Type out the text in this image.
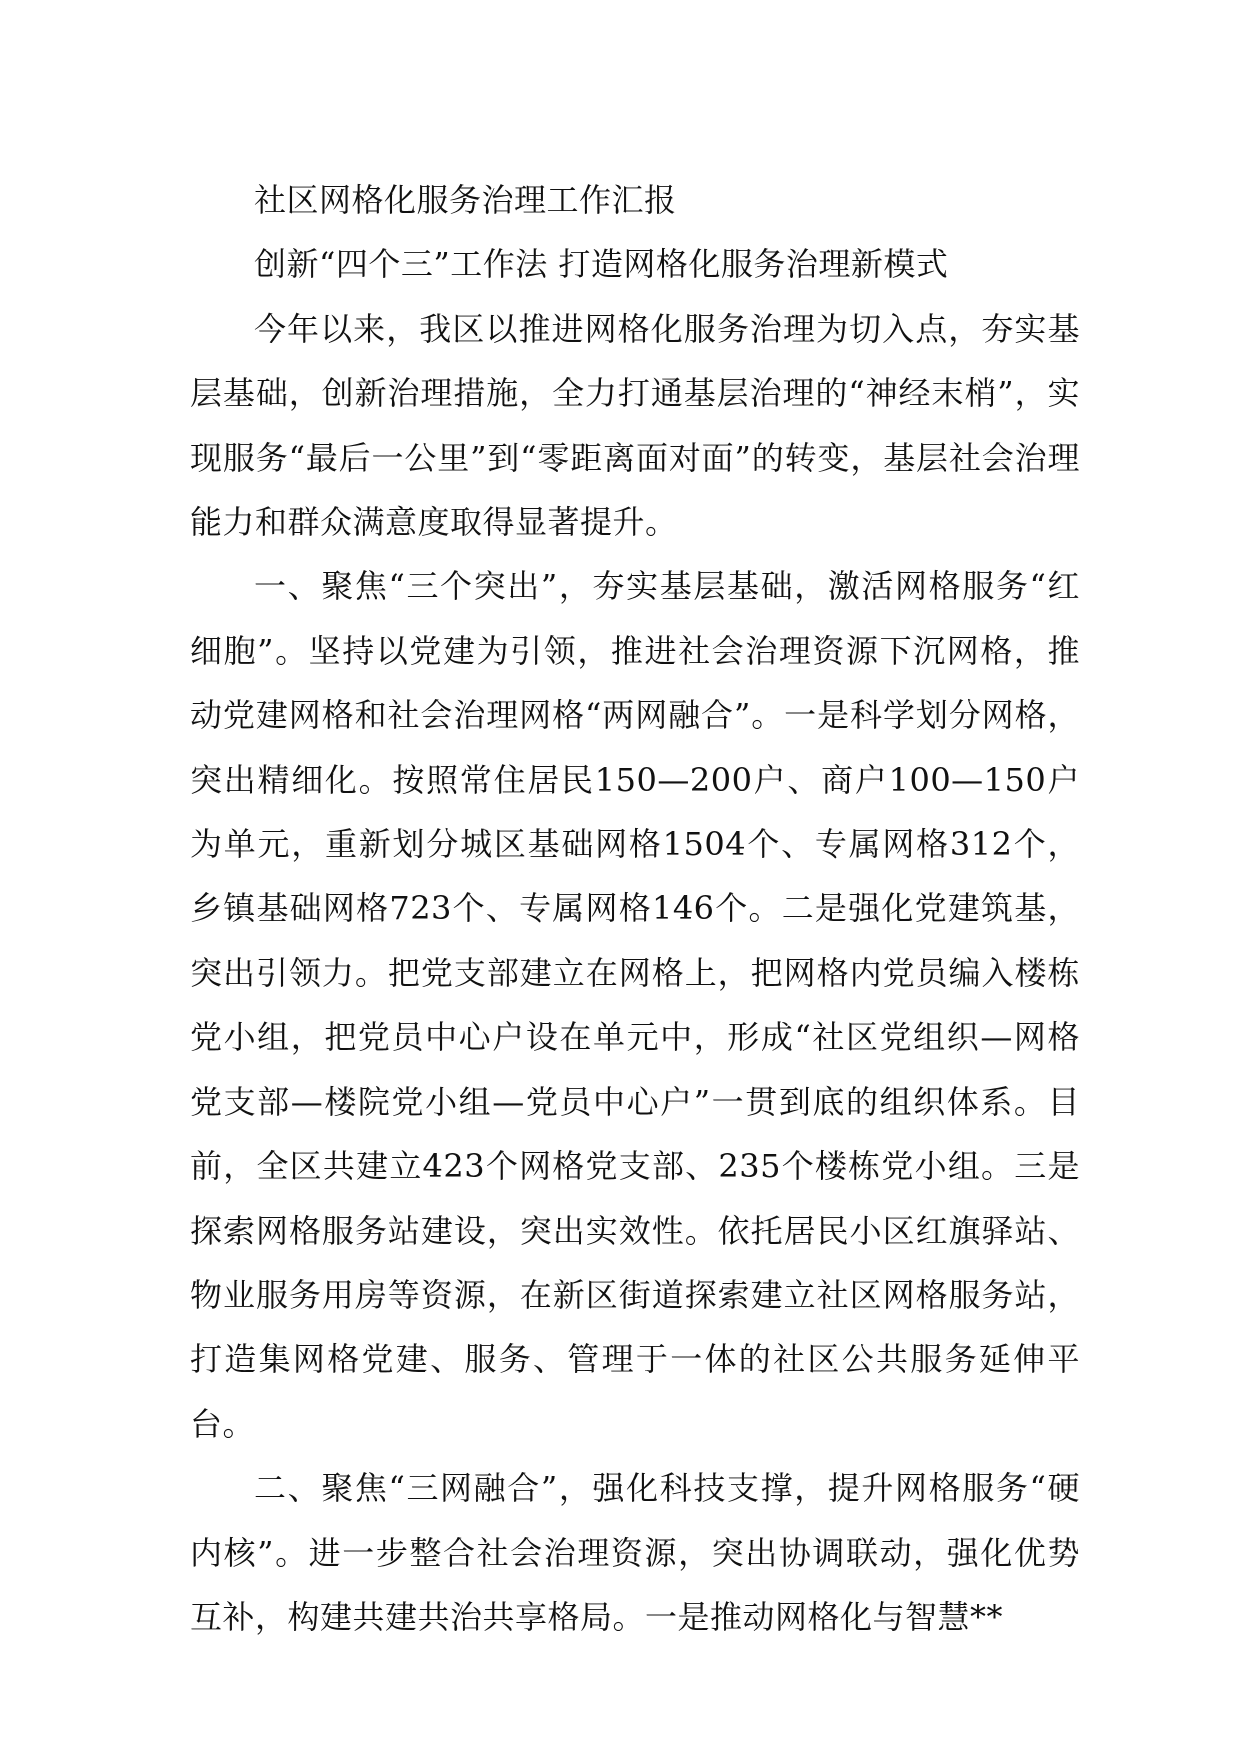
社区网格化服务治理工作汇报

创新“四个三”工作法 打造网格化服务治理新模式

今年以来，我区以推进网格化服务治理为切入点，夯实基层基础，创新治理措施，全力打通基层治理的“神经末梢”，实现服务“最后一公里”到“零距离面对面”的转变，基层社会治理能力和群众满意度取得显著提升。

一、聚焦“三个突出”，夯实基层基础，激活网格服务“红细胞”。坚持以党建为引领，推进社会治理资源下沉网格，推动党建网格和社会治理网格“两网融合”。一是科学划分网格，突出精细化。按照常住居民150—200户、商户100—150户为单元，重新划分城区基础网格1504个、专属网格312个，乡镇基础网格723个、专属网格146个。二是强化党建筑基，突出引领力。把党支部建立在网格上，把网格内党员编入楼栋党小组，把党员中心户设在单元中，形成“社区党组织—网格党支部—楼院党小组—党员中心户”一贯到底的组织体系。目前，全区共建立423个网格党支部、235个楼栋党小组。三是探索网格服务站建设，突出实效性。依托居民小区红旗驿站、物业服务用房等资源，在新区街道探索建立社区网格服务站，打造集网格党建、服务、管理于一体的社区公共服务延伸平台。

二、聚焦“三网融合”，强化科技支撑，提升网格服务“硬内核”。进一步整合社会治理资源，突出协调联动，强化优势互补，构建共建共治共享格局。一是推动网格化与智慧**
